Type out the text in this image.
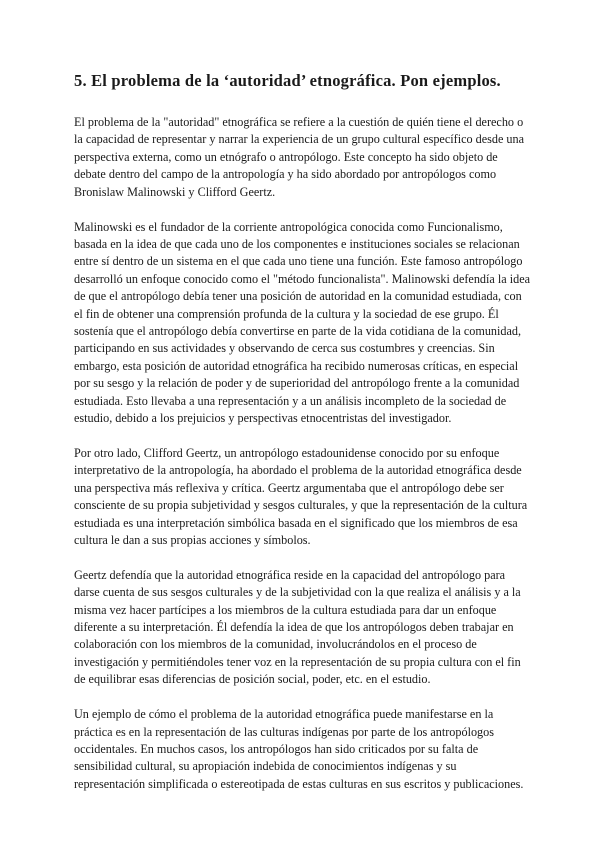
5. El problema de la ‘autoridad’ etnográfica. Pon ejemplos.

El problema de la "autoridad" etnográfica se refiere a la cuestión de quién tiene el derecho o la capacidad de representar y narrar la experiencia de un grupo cultural específico desde una perspectiva externa, como un etnógrafo o antropólogo. Este concepto ha sido objeto de debate dentro del campo de la antropología y ha sido abordado por antropólogos como Bronislaw Malinowski y Clifford Geertz.

Malinowski es el fundador de la corriente antropológica conocida como Funcionalismo, basada en la idea de que cada uno de los componentes e instituciones sociales se relacionan entre sí dentro de un sistema en el que cada uno tiene una función. Este famoso antropólogo desarrolló un enfoque conocido como el "método funcionalista". Malinowski defendía la idea de que el antropólogo debía tener una posición de autoridad en la comunidad estudiada, con el fin de obtener una comprensión profunda de la cultura y la sociedad de ese grupo. Él sostenía que el antropólogo debía convertirse en parte de la vida cotidiana de la comunidad, participando en sus actividades y observando de cerca sus costumbres y creencias. Sin embargo, esta posición de autoridad etnográfica ha recibido numerosas críticas, en especial por su sesgo y la relación de poder y de superioridad del antropólogo frente a la comunidad estudiada. Esto llevaba a una representación y a un análisis incompleto de la sociedad de estudio, debido a los prejuicios y perspectivas etnocentristas del investigador.

Por otro lado, Clifford Geertz, un antropólogo estadounidense conocido por su enfoque interpretativo de la antropología, ha abordado el problema de la autoridad etnográfica desde una perspectiva más reflexiva y crítica. Geertz argumentaba que el antropólogo debe ser consciente de su propia subjetividad y sesgos culturales, y que la representación de la cultura estudiada es una interpretación simbólica basada en el significado que los miembros de esa cultura le dan a sus propias acciones y símbolos.

Geertz defendía que la autoridad etnográfica reside en la capacidad del antropólogo para darse cuenta de sus sesgos culturales y de la subjetividad con la que realiza el análisis y a la misma vez hacer partícipes a los miembros de la cultura estudiada para dar un enfoque diferente a su interpretación. Él defendía la idea de que los antropólogos deben trabajar en colaboración con los miembros de la comunidad, involucrándolos en el proceso de investigación y permitiéndoles tener voz en la representación de su propia cultura con el fin de equilibrar esas diferencias de posición social, poder, etc. en el estudio.

Un ejemplo de cómo el problema de la autoridad etnográfica puede manifestarse en la práctica es en la representación de las culturas indígenas por parte de los antropólogos occidentales. En muchos casos, los antropólogos han sido criticados por su falta de sensibilidad cultural, su apropiación indebida de conocimientos indígenas y su representación simplificada o estereotipada de estas culturas en sus escritos y publicaciones.
